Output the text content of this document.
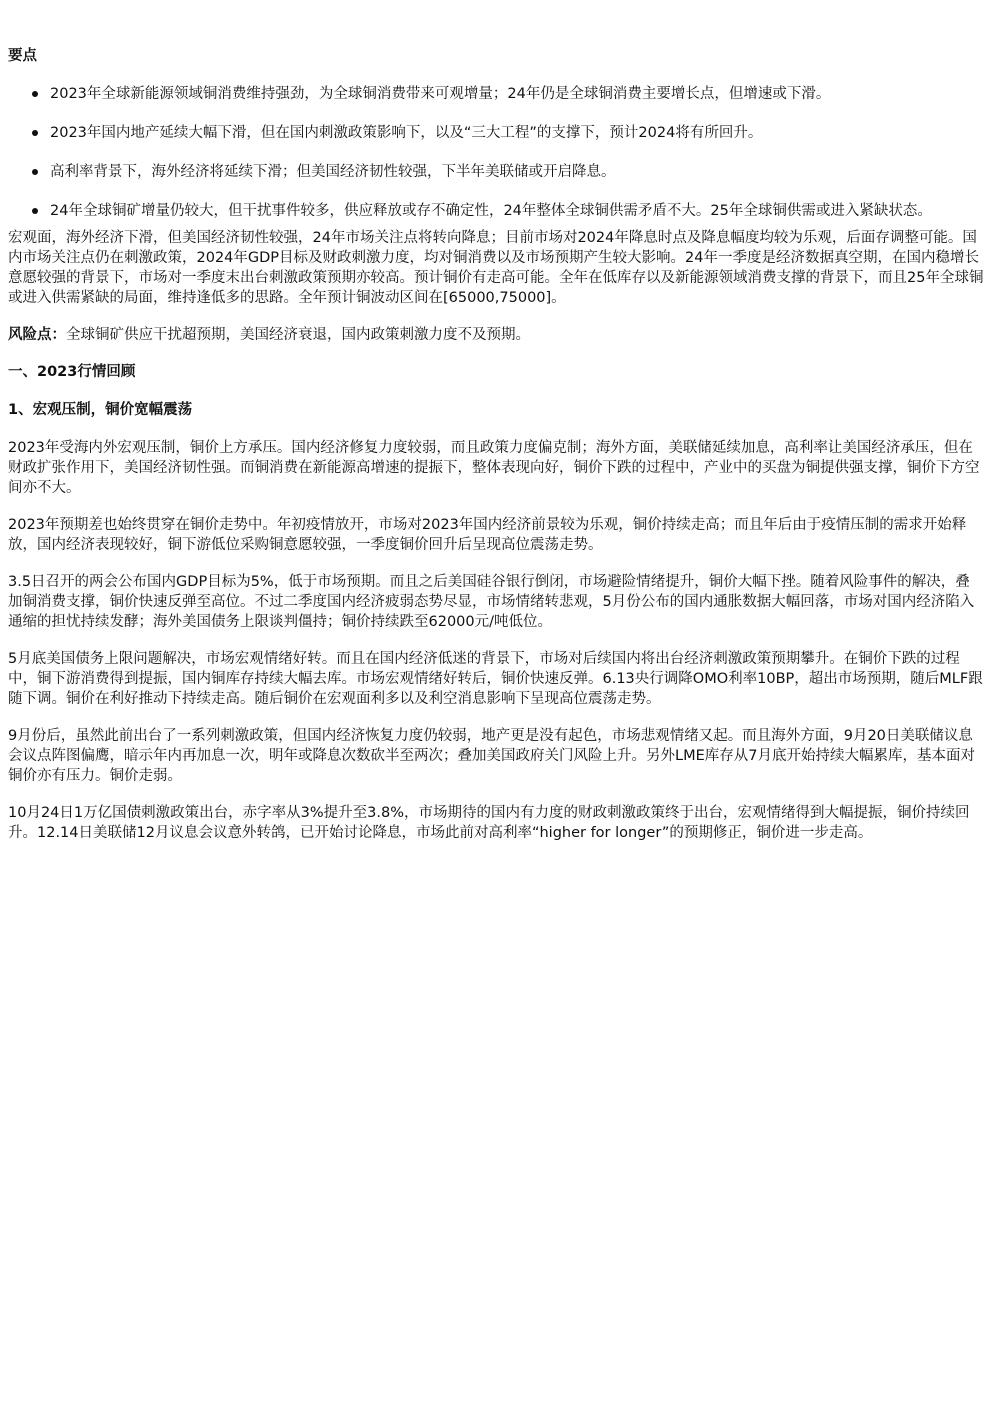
要点

2023年全球新能源领域铜消费维持强劲，为全球铜消费带来可观增量；24年仍是全球铜消费主要增长点，但增速或下滑。
2023年国内地产延续大幅下滑，但在国内刺激政策影响下，以及“三大工程”的支撑下，预计2024将有所回升。
高利率背景下，海外经济将延续下滑；但美国经济韧性较强，下半年美联储或开启降息。
24年全球铜矿增量仍较大，但干扰事件较多，供应释放或存不确定性，24年整体全球铜供需矛盾不大。25年全球铜供需或进入紧缺状态。

宏观面，海外经济下滑，但美国经济韧性较强，24年市场关注点将转向降息；目前市场对2024年降息时点及降息幅度均较为乐观，后面存调整可能。国内市场关注点仍在刺激政策，2024年GDP目标及财政刺激力度，均对铜消费以及市场预期产生较大影响。24年一季度是经济数据真空期，在国内稳增长意愿较强的背景下，市场对一季度末出台刺激政策预期亦较高。预计铜价有走高可能。全年在低库存以及新能源领域消费支撑的背景下，而且25年全球铜或进入供需紧缺的局面，维持逢低多的思路。全年预计铜波动区间在[65000,75000]。

风险点：全球铜矿供应干扰超预期，美国经济衰退，国内政策刺激力度不及预期。

一、2023行情回顾

1、宏观压制，铜价宽幅震荡

2023年受海内外宏观压制，铜价上方承压。国内经济修复力度较弱，而且政策力度偏克制；海外方面，美联储延续加息，高利率让美国经济承压，但在财政扩张作用下，美国经济韧性强。而铜消费在新能源高增速的提振下，整体表现向好，铜价下跌的过程中，产业中的买盘为铜提供强支撑，铜价下方空间亦不大。

2023年预期差也始终贯穿在铜价走势中。年初疫情放开，市场对2023年国内经济前景较为乐观，铜价持续走高；而且年后由于疫情压制的需求开始释放，国内经济表现较好，铜下游低位采购铜意愿较强，一季度铜价回升后呈现高位震荡走势。

3.5日召开的两会公布国内GDP目标为5%，低于市场预期。而且之后美国硅谷银行倒闭，市场避险情绪提升，铜价大幅下挫。随着风险事件的解决，叠加铜消费支撑，铜价快速反弹至高位。不过二季度国内经济疲弱态势尽显，市场情绪转悲观，5月份公布的国内通胀数据大幅回落，市场对国内经济陷入通缩的担忧持续发酵；海外美国债务上限谈判僵持；铜价持续跌至62000元/吨低位。

5月底美国债务上限问题解决，市场宏观情绪好转。而且在国内经济低迷的背景下，市场对后续国内将出台经济刺激政策预期攀升。在铜价下跌的过程中，铜下游消费得到提振，国内铜库存持续大幅去库。市场宏观情绪好转后，铜价快速反弹。6.13央行调降OMO利率10BP，超出市场预期，随后MLF跟随下调。铜价在利好推动下持续走高。随后铜价在宏观面利多以及利空消息影响下呈现高位震荡走势。

9月份后，虽然此前出台了一系列刺激政策，但国内经济恢复力度仍较弱，地产更是没有起色，市场悲观情绪又起。而且海外方面，9月20日美联储议息会议点阵图偏鹰，暗示年内再加息一次，明年或降息次数砍半至两次；叠加美国政府关门风险上升。另外LME库存从7月底开始持续大幅累库，基本面对铜价亦有压力。铜价走弱。

10月24日1万亿国债刺激政策出台，赤字率从3%提升至3.8%，市场期待的国内有力度的财政刺激政策终于出台，宏观情绪得到大幅提振，铜价持续回升。12.14日美联储12月议息会议意外转鸽，已开始讨论降息，市场此前对高利率“higher for longer”的预期修正，铜价进一步走高。
